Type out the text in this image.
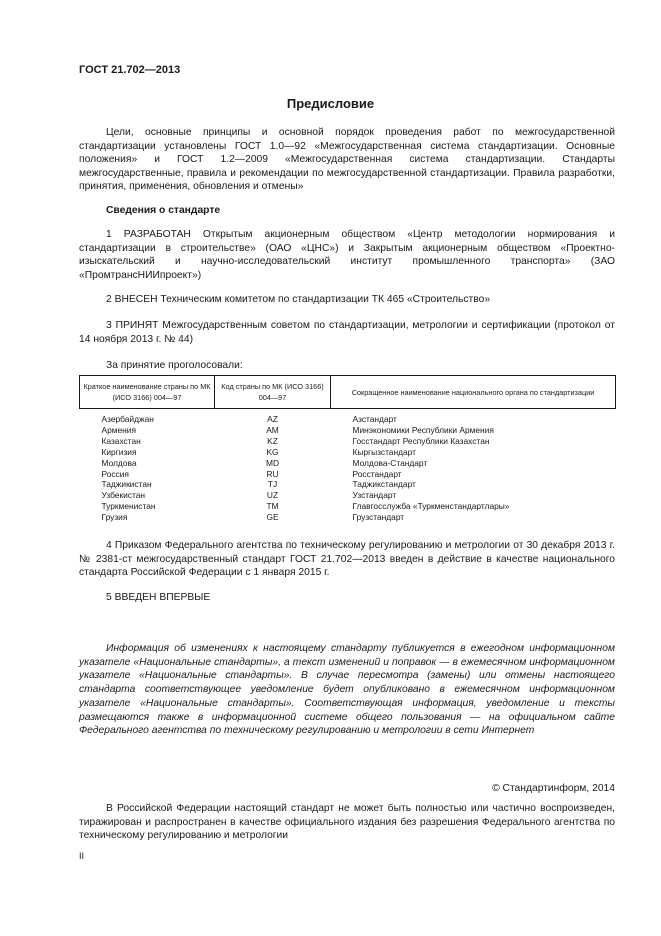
ГОСТ 21.702—2013
Предисловие
Цели, основные принципы и основной порядок проведения работ по межгосударственной стандартизации установлены ГОСТ 1.0—92 «Межгосударственная система стандартизации. Основные положения» и ГОСТ 1.2—2009 «Межгосударственная система стандартизации. Стандарты межгосударственные, правила и рекомендации по межгосударственной стандартизации. Правила разработки, принятия, применения, обновления и отмены»
Сведения о стандарте
1 РАЗРАБОТАН Открытым акционерным обществом «Центр методологии нормирования и стандартизации в строительстве» (ОАО «ЦНС») и Закрытым акционерным обществом «Проектно-изыскательский и научно-исследовательский институт промышленного транспорта» (ЗАО «ПромтрансНИИпроект»)
2 ВНЕСЕН Техническим комитетом по стандартизации ТК 465 «Строительство»
3 ПРИНЯТ Межгосударственным советом по стандартизации, метрологии и сертификации (протокол от 14 ноября 2013 г. № 44)
За принятие проголосовали:
Краткое наименование страны по МК (ИСО 3166) 004—97	Код страны по МК (ИСО 3166) 004—97	Сокращенное наименование национального органа по стандартизации
Азербайджан	AZ	Азстандарт
Армения	AM	Минэкономики Республики Армения
Казахстан	KZ	Госстандарт Республики Казахстан
Киргизия	KG	Кыргызстандарт
Молдова	MD	Молдова-Стандарт
Россия	RU	Росстандарт
Таджикистан	TJ	Таджикстандарт
Узбекистан	UZ	Узстандарт
Туркменистан	TM	Главгосслужба «Туркменстандартлары»
Грузия	GE	Грузстандарт
4 Приказом Федерального агентства по техническому регулированию и метрологии от 30 декабря 2013 г. № 2381-ст межгосударственный стандарт ГОСТ 21.702—2013 введен в действие в качестве национального стандарта Российской Федерации с 1 января 2015 г.
5 ВВЕДЕН ВПЕРВЫЕ
Информация об изменениях к настоящему стандарту публикуется в ежегодном информационном указателе «Национальные стандарты», а текст изменений и поправок — в ежемесячном информационном указателе «Национальные стандарты». В случае пересмотра (замены) или отмены настоящего стандарта соответствующее уведомление будет опубликовано в ежемесячном информационном указателе «Национальные стандарты». Соответствующая информация, уведомление и тексты размещаются также в информационной системе общего пользования — на официальном сайте Федерального агентства по техническому регулированию и метрологии в сети Интернет
© Стандартинформ, 2014
В Российской Федерации настоящий стандарт не может быть полностью или частично воспроизведен, тиражирован и распространен в качестве официального издания без разрешения Федерального агентства по техническому регулированию и метрологии
II
